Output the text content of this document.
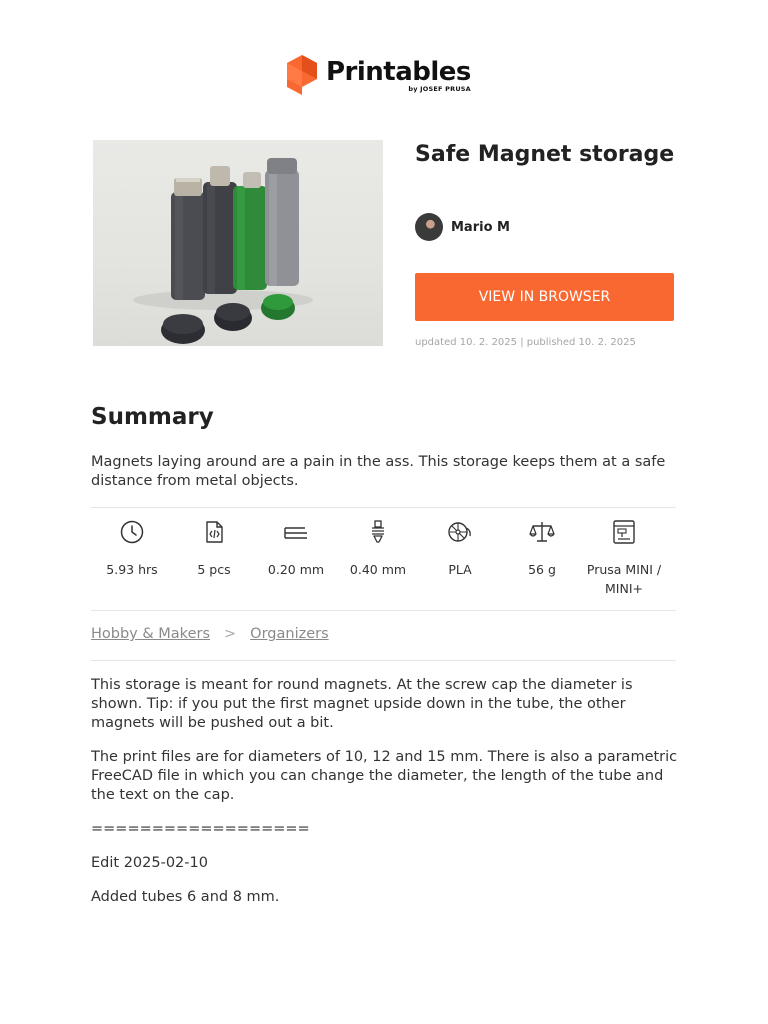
Printables
by JOSEF PRUSA
Safe Magnet storage
Mario M
VIEW IN BROWSER
updated 10. 2. 2025 | published 10. 2. 2025
Summary

Magnets laying around are a pain in the ass. This storage keeps them at a safe distance from metal objects.

5.93 hrs	5 pcs	0.20 mm 0.40 mm	PLA	56 g	Prusa MINI / MINI+
Hobby & Makers > Organizers

This storage is meant for round magnets. At the screw cap the diameter is shown. Tip: if you put the first magnet upside down in the tube, the other magnets will be pushed out a bit.

The print files are for diameters of 10, 12 and 15 mm. There is also a parametric FreeCAD file in which you can change the diameter, the length of the tube and the text on the cap.

==================

Edit 2025-02-10

Added tubes 6 and 8 mm.
